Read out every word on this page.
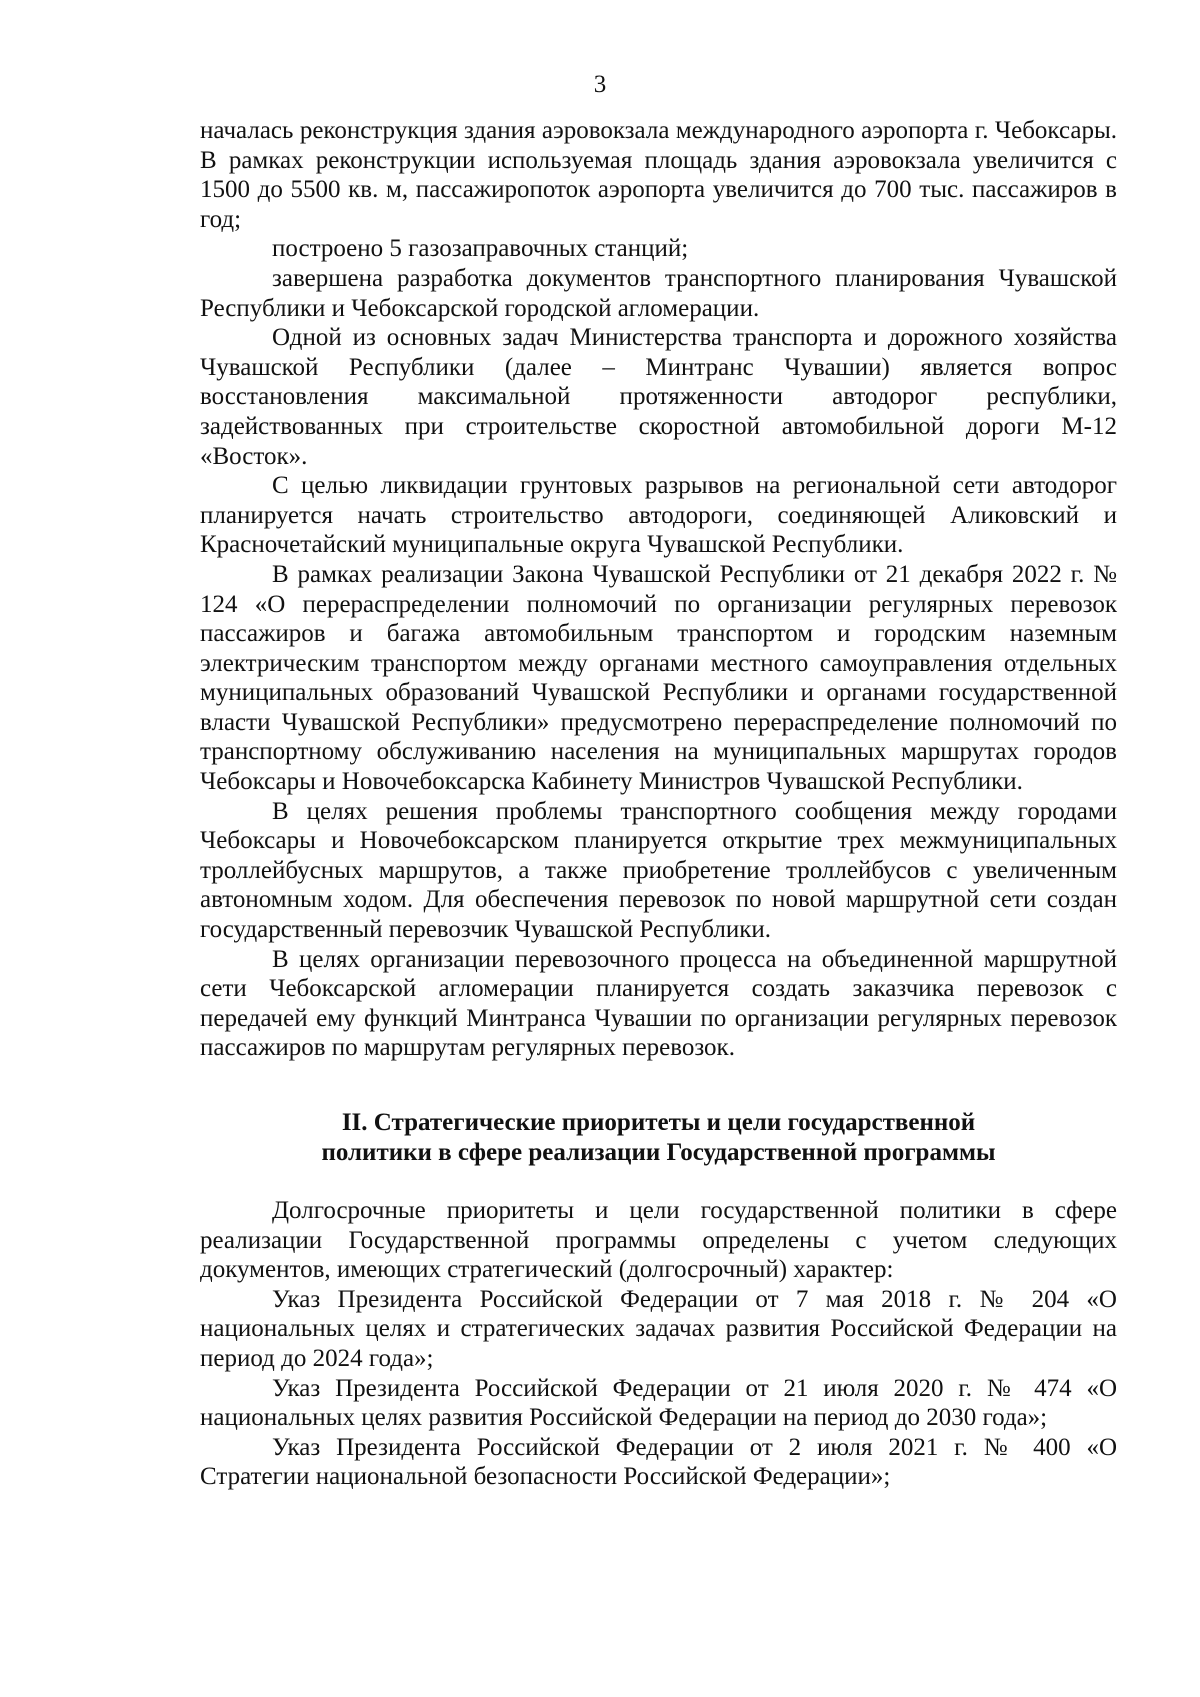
3

началась реконструкция здания аэровокзала международного аэропорта г. Чебоксары. В рамках реконструкции используемая площадь здания аэровокзала увеличится с 1500 до 5500 кв. м, пассажиропоток аэропорта увеличится до 700 тыс. пассажиров в год;

построено 5 газозаправочных станций;

завершена разработка документов транспортного планирования Чувашской Республики и Чебоксарской городской агломерации.

Одной из основных задач Министерства транспорта и дорожного хозяйства Чувашской Республики (далее – Минтранс Чувашии) является вопрос восстановления максимальной протяженности автодорог республики, задействованных при строительстве скоростной автомобильной дороги М-12 «Восток».

С целью ликвидации грунтовых разрывов на региональной сети автодорог планируется начать строительство автодороги, соединяющей Аликовский и Красночетайский муниципальные округа Чувашской Республики.

В рамках реализации Закона Чувашской Республики от 21 декабря 2022 г. № 124 «О перераспределении полномочий по организации регулярных перевозок пассажиров и багажа автомобильным транспортом и городским наземным электрическим транспортом между органами местного самоуправления отдельных муниципальных образований Чувашской Республики и органами государственной власти Чувашской Республики» предусмотрено перераспределение полномочий по транспортному обслуживанию населения на муниципальных маршрутах городов Чебоксары и Новочебоксарска Кабинету Министров Чувашской Республики.

В целях решения проблемы транспортного сообщения между городами Чебоксары и Новочебоксарском планируется открытие трех межмуниципальных троллейбусных маршрутов, а также приобретение троллейбусов с увеличенным автономным ходом. Для обеспечения перевозок по новой маршрутной сети создан государственный перевозчик Чувашской Республики.

В целях организации перевозочного процесса на объединенной маршрутной сети Чебоксарской агломерации планируется создать заказчика перевозок с передачей ему функций Минтранса Чувашии по организации регулярных перевозок пассажиров по маршрутам регулярных перевозок.

II. Стратегические приоритеты и цели государственной
политики в сфере реализации Государственной программы

Долгосрочные приоритеты и цели государственной политики в сфере реализации Государственной программы определены с учетом следующих документов, имеющих стратегический (долгосрочный) характер:

Указ Президента Российской Федерации от 7 мая 2018 г. № 204 «О национальных целях и стратегических задачах развития Российской Федерации на период до 2024 года»;

Указ Президента Российской Федерации от 21 июля 2020 г. № 474 «О национальных целях развития Российской Федерации на период до 2030 года»;

Указ Президента Российской Федерации от 2 июля 2021 г. № 400 «О Стратегии национальной безопасности Российской Федерации»;
